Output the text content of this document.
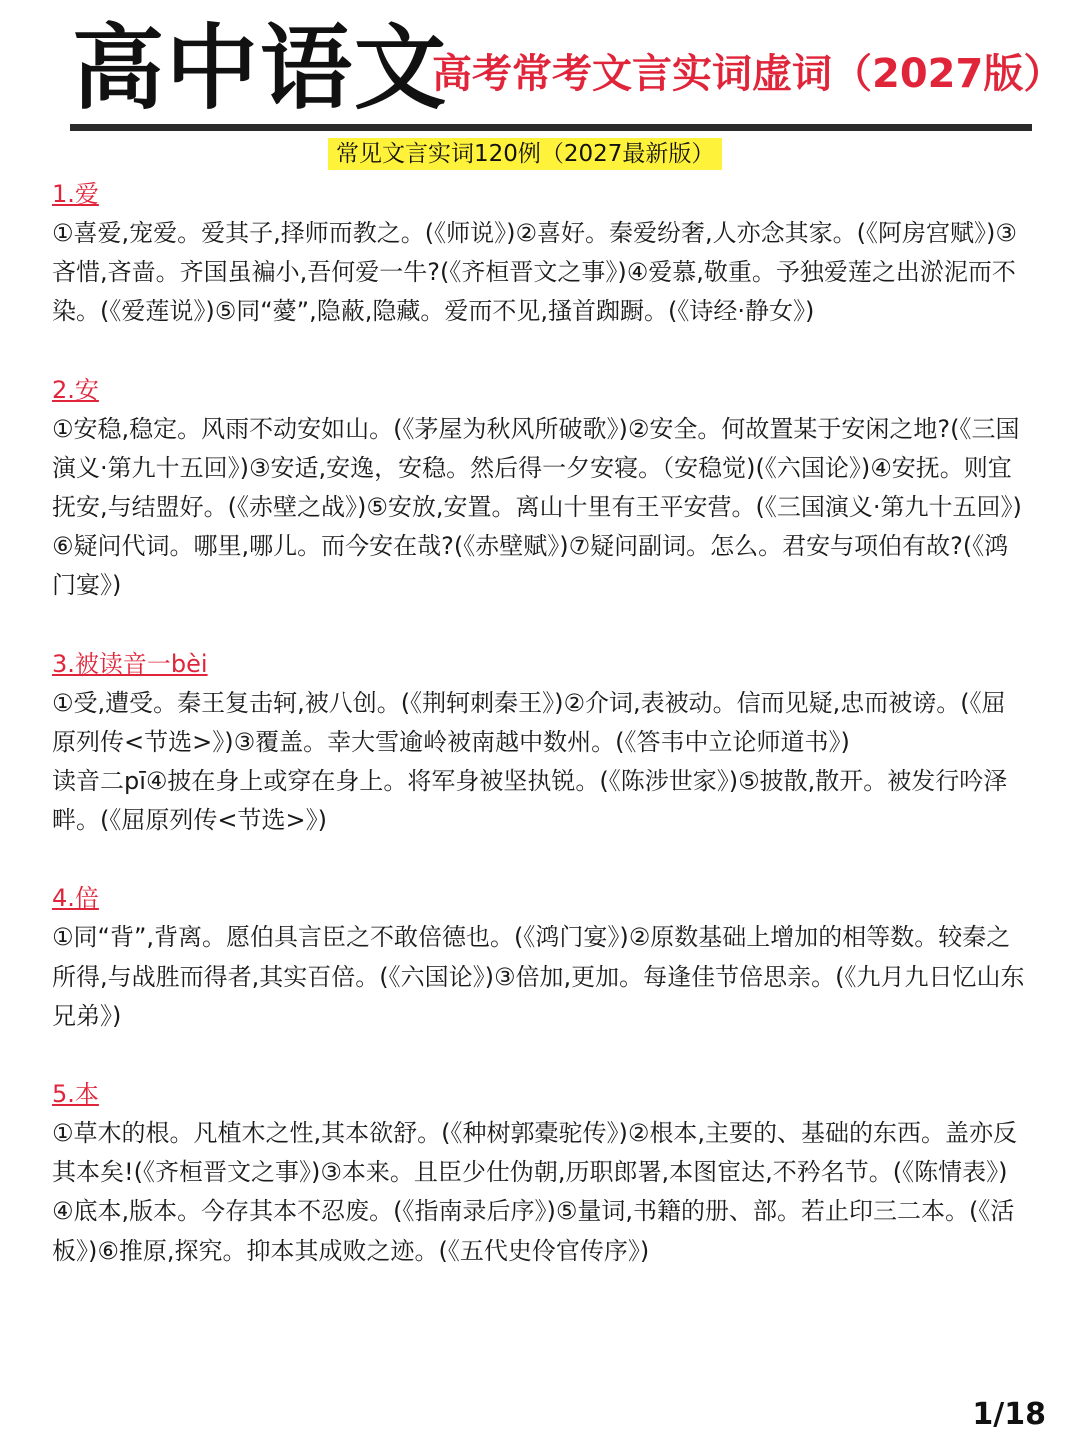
高中语文
高考常考文言实词虚词（2027版）
常见文言实词120例（2027最新版）
1.爱
①喜爱,宠爱。爱其子,择师而教之。(《师说》)②喜好。秦爱纷奢,人亦念其家。(《阿房宫赋》)③吝惜,吝啬。齐国虽褊小,吾何爱一牛?(《齐桓晋文之事》)④爱慕,敬重。予独爱莲之出淤泥而不染。(《爱莲说》)⑤同“薆”,隐蔽,隐藏。爱而不见,搔首踟蹰。(《诗经·静女》)
2.安
①安稳,稳定。风雨不动安如山。(《茅屋为秋风所破歌》)②安全。何故置某于安闲之地?(《三国演义·第九十五回》)③安适,安逸，安稳。然后得一夕安寝。（安稳觉)(《六国论》)④安抚。则宜抚安,与结盟好。(《赤壁之战》)⑤安放,安置。离山十里有王平安营。(《三国演义·第九十五回》)⑥疑问代词。哪里,哪儿。而今安在哉?(《赤壁赋》)⑦疑问副词。怎么。君安与项伯有故?(《鸿门宴》)
3.被读音一bèi
①受,遭受。秦王复击轲,被八创。(《荆轲刺秦王》)②介词,表被动。信而见疑,忠而被谤。(《屈原列传<节选>》)③覆盖。幸大雪逾岭被南越中数州。(《答韦中立论师道书》)
读音二pī④披在身上或穿在身上。将军身被坚执锐。(《陈涉世家》)⑤披散,散开。被发行吟泽畔。(《屈原列传<节选>》)
4.倍
①同“背”,背离。愿伯具言臣之不敢倍德也。(《鸿门宴》)②原数基础上增加的相等数。较秦之所得,与战胜而得者,其实百倍。(《六国论》)③倍加,更加。每逢佳节倍思亲。(《九月九日忆山东兄弟》)
5.本
①草木的根。凡植木之性,其本欲舒。(《种树郭橐驼传》)②根本,主要的、基础的东西。盖亦反其本矣!(《齐桓晋文之事》)③本来。且臣少仕伪朝,历职郎署,本图宦达,不矜名节。(《陈情表》)④底本,版本。今存其本不忍废。(《指南录后序》)⑤量词,书籍的册、部。若止印三二本。(《活板》)⑥推原,探究。抑本其成败之迹。(《五代史伶官传序》)
1/18
